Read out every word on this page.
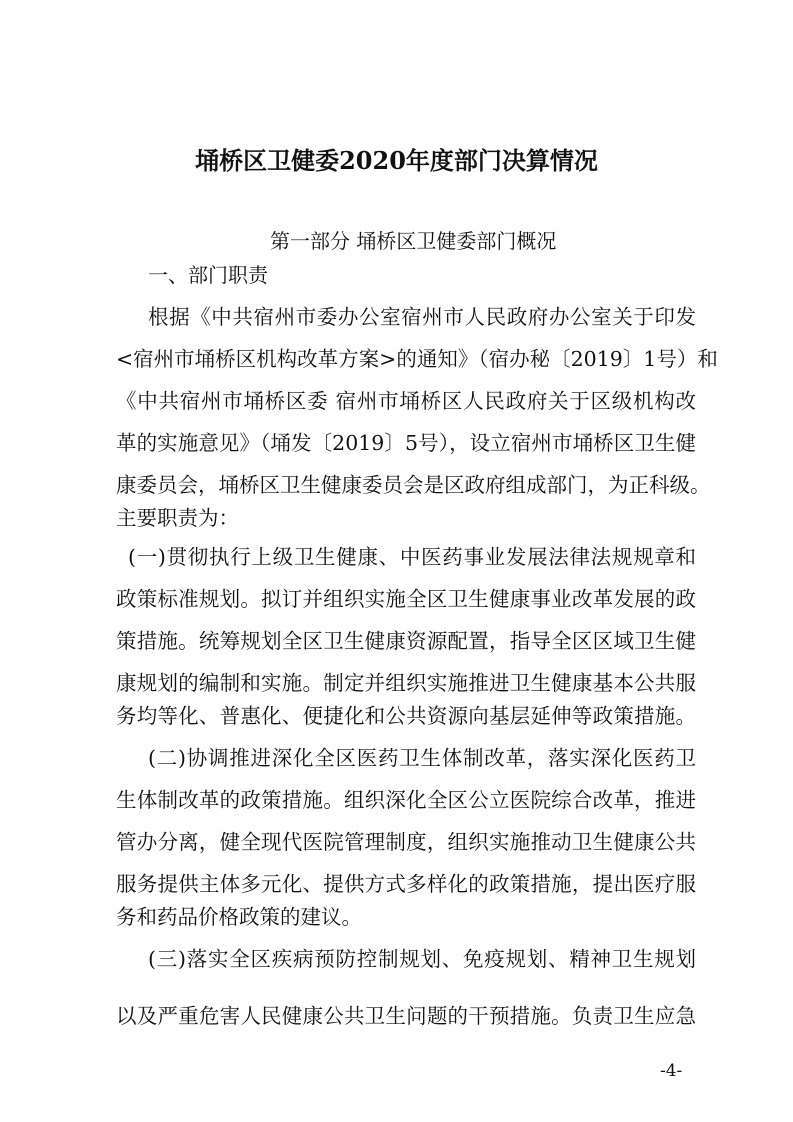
埇桥区卫健委2020年度部门决算情况
第一部分 埇桥区卫健委部门概况
一、部门职责
根据《中共宿州市委办公室宿州市人民政府办公室关于印发
<宿州市埇桥区机构改革方案>的通知》（宿办秘〔2019〕1号）和
《中共宿州市埇桥区委 宿州市埇桥区人民政府关于区级机构改
革的实施意见》（埇发〔2019〕5号），设立宿州市埇桥区卫生健
康委员会，埇桥区卫生健康委员会是区政府组成部门，为正科级。
主要职责为：
(一)贯彻执行上级卫生健康、中医药事业发展法律法规规章和
政策标准规划。拟订并组织实施全区卫生健康事业改革发展的政
策措施。统筹规划全区卫生健康资源配置，指导全区区域卫生健
康规划的编制和实施。制定并组织实施推进卫生健康基本公共服
务均等化、普惠化、便捷化和公共资源向基层延伸等政策措施。
(二)协调推进深化全区医药卫生体制改革，落实深化医药卫
生体制改革的政策措施。组织深化全区公立医院综合改革，推进
管办分离，健全现代医院管理制度，组织实施推动卫生健康公共
服务提供主体多元化、提供方式多样化的政策措施，提出医疗服
务和药品价格政策的建议。
(三)落实全区疾病预防控制规划、免疫规划、精神卫生规划
以及严重危害人民健康公共卫生问题的干预措施。负责卫生应急
-4-
